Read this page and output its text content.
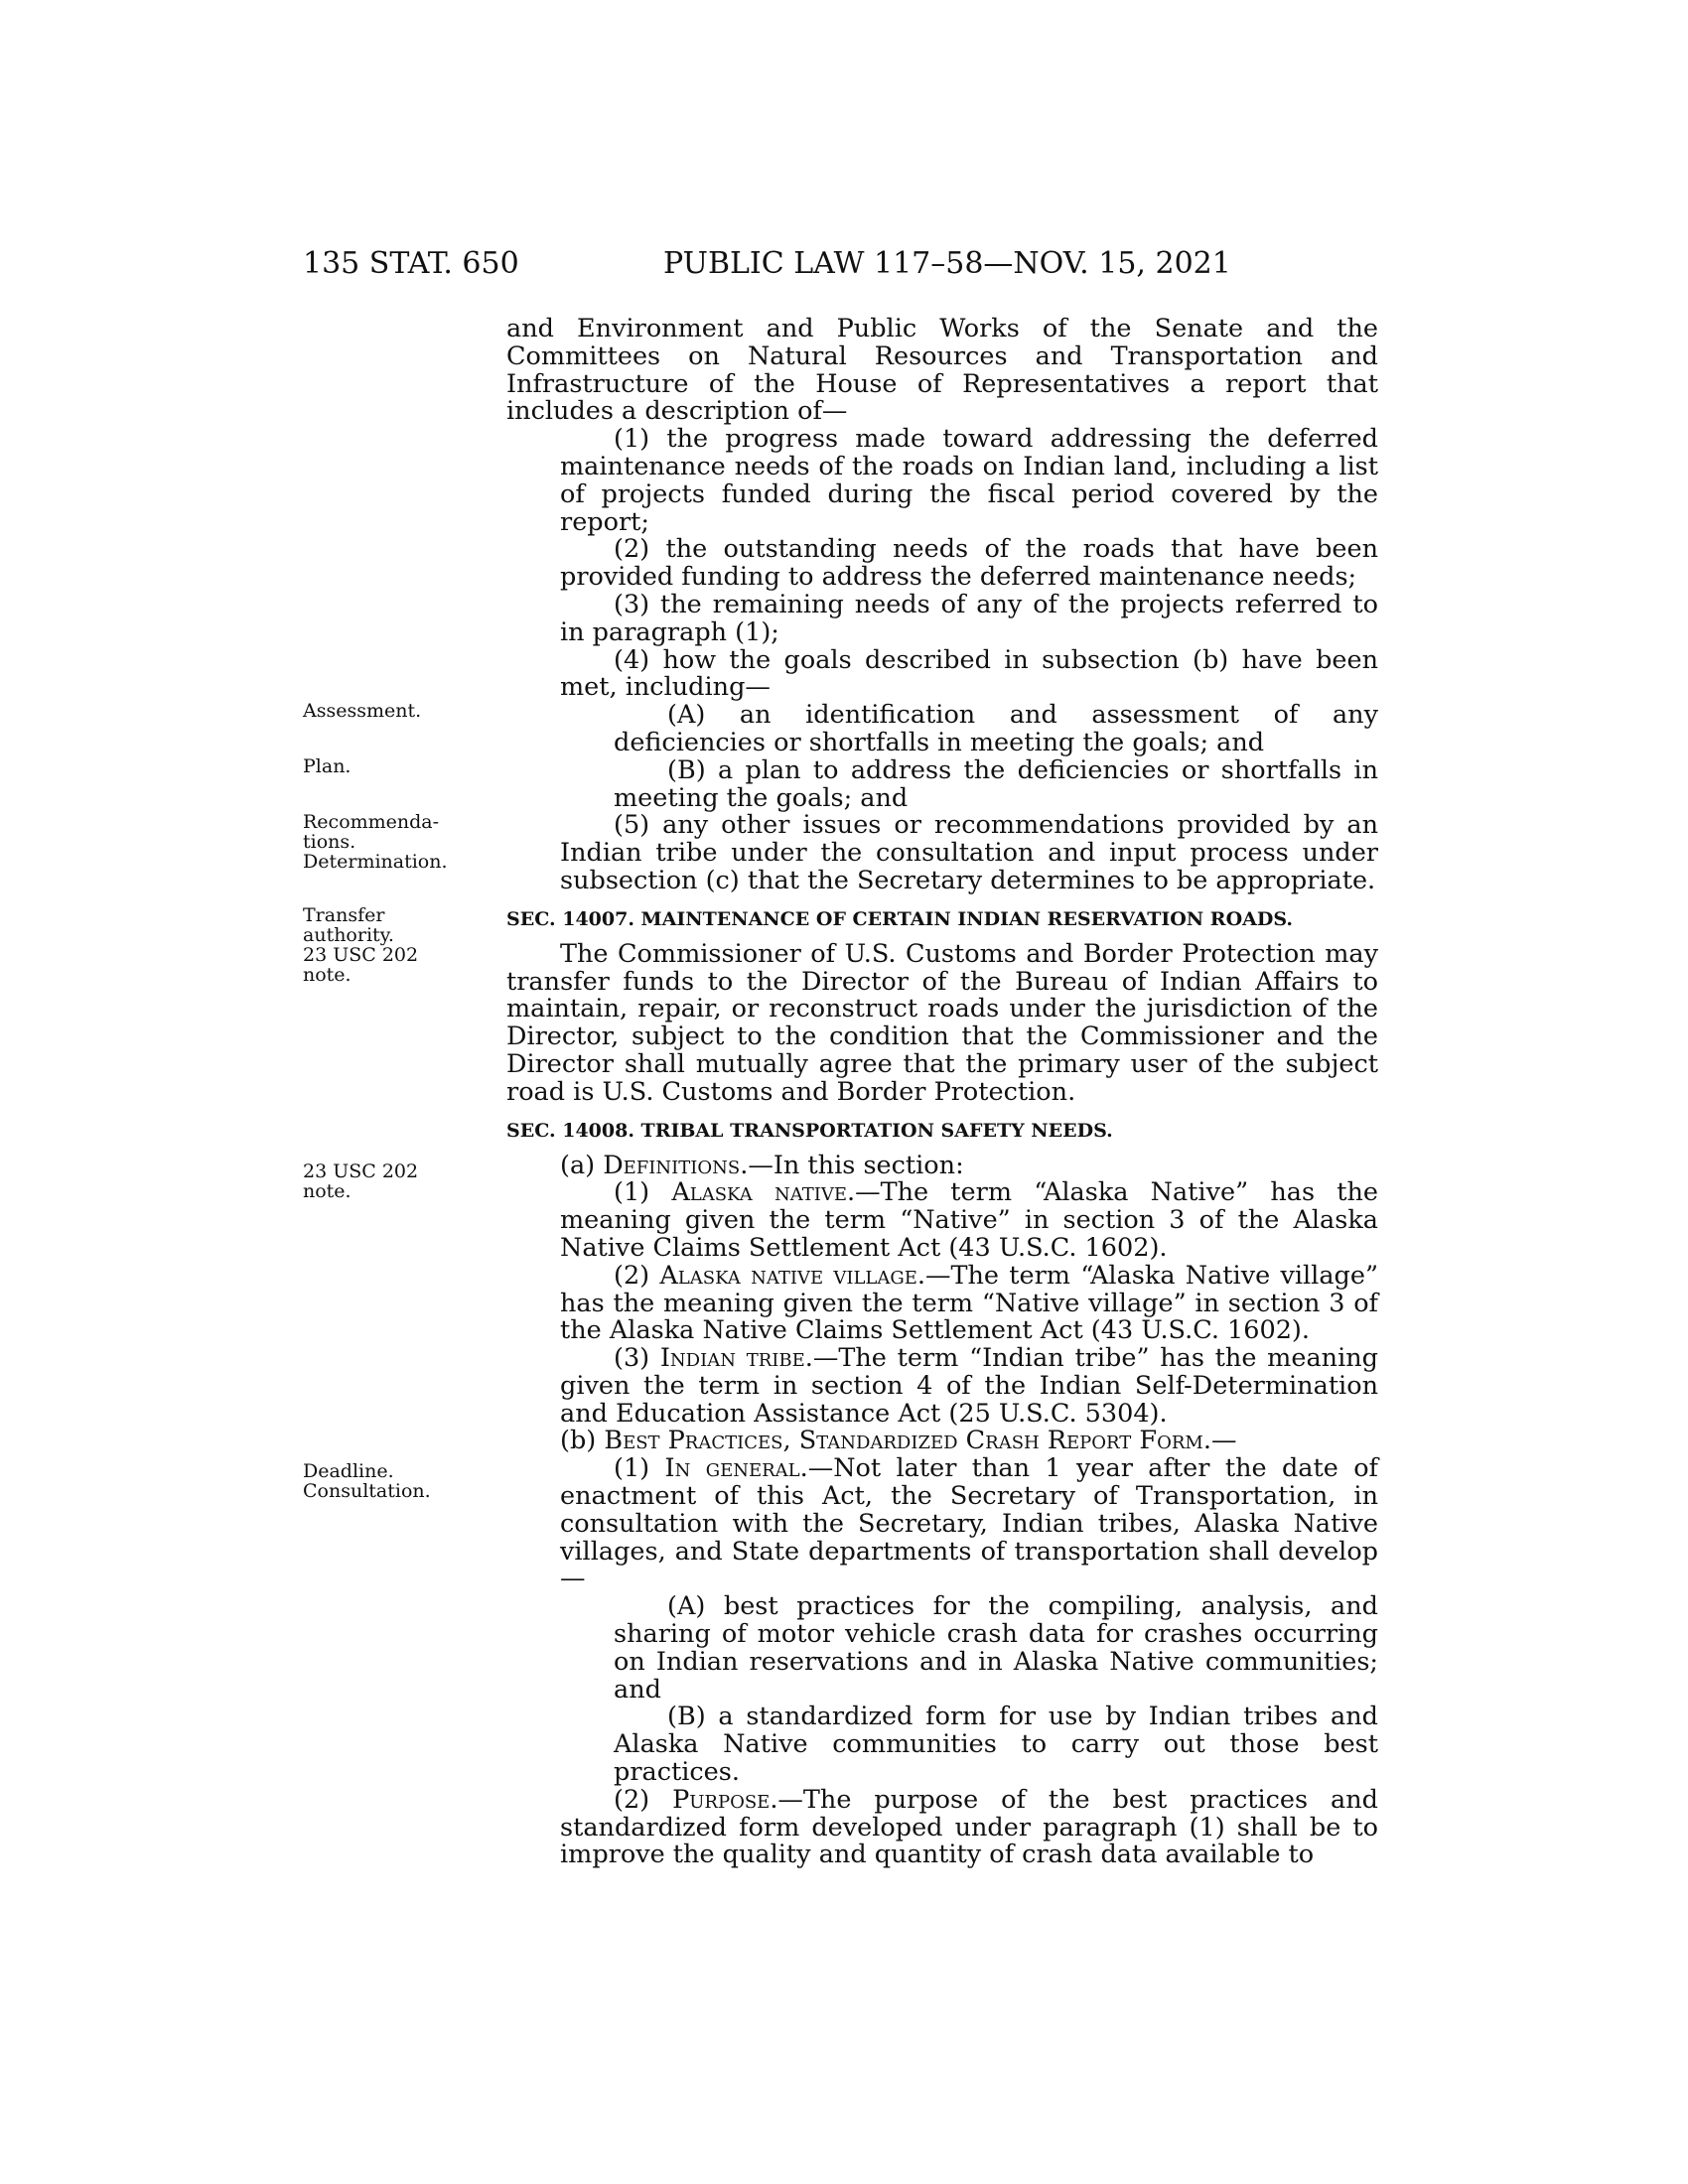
135 STAT. 650	PUBLIC LAW 117–58—NOV. 15, 2021
Assessment.
Plan.
Recommenda-
tions.
Determination.
Transfer
authority.
23 USC 202 note.
23 USC 202 note.
Deadline.
Consultation.

and Environment and Public Works of the Senate and the Committees on Natural Resources and Transportation and Infrastructure of the House of Representatives a report that includes a description of—

(1) the progress made toward addressing the deferred maintenance needs of the roads on Indian land, including a list of projects funded during the fiscal period covered by the report;

(2) the outstanding needs of the roads that have been provided funding to address the deferred maintenance needs;

(3) the remaining needs of any of the projects referred to in paragraph (1);

(4) how the goals described in subsection (b) have been met, including—

(A) an identification and assessment of any deficiencies or shortfalls in meeting the goals; and

(B) a plan to address the deficiencies or shortfalls in meeting the goals; and

(5) any other issues or recommendations provided by an Indian tribe under the consultation and input process under subsection (c) that the Secretary determines to be appropriate.

SEC. 14007. MAINTENANCE OF CERTAIN INDIAN RESERVATION ROADS.

The Commissioner of U.S. Customs and Border Protection may transfer funds to the Director of the Bureau of Indian Affairs to maintain, repair, or reconstruct roads under the jurisdiction of the Director, subject to the condition that the Commissioner and the Director shall mutually agree that the primary user of the subject road is U.S. Customs and Border Protection.

SEC. 14008. TRIBAL TRANSPORTATION SAFETY NEEDS.

(a) Definitions.—In this section:

(1) Alaska native.—The term “Alaska Native” has the meaning given the term “Native” in section 3 of the Alaska Native Claims Settlement Act (43 U.S.C. 1602).

(2) Alaska native village.—The term “Alaska Native village” has the meaning given the term “Native village” in section 3 of the Alaska Native Claims Settlement Act (43 U.S.C. 1602).

(3) Indian tribe.—The term “Indian tribe” has the meaning given the term in section 4 of the Indian Self-Determination and Education Assistance Act (25 U.S.C. 5304).

(b) Best Practices, Standardized Crash Report Form.—

(1) In general.—Not later than 1 year after the date of enactment of this Act, the Secretary of Transportation, in consultation with the Secretary, Indian tribes, Alaska Native villages, and State departments of transportation shall develop—

(A) best practices for the compiling, analysis, and sharing of motor vehicle crash data for crashes occurring on Indian reservations and in Alaska Native communities; and

(B) a standardized form for use by Indian tribes and Alaska Native communities to carry out those best practices.

(2) Purpose.—The purpose of the best practices and standardized form developed under paragraph (1) shall be to improve the quality and quantity of crash data available to
